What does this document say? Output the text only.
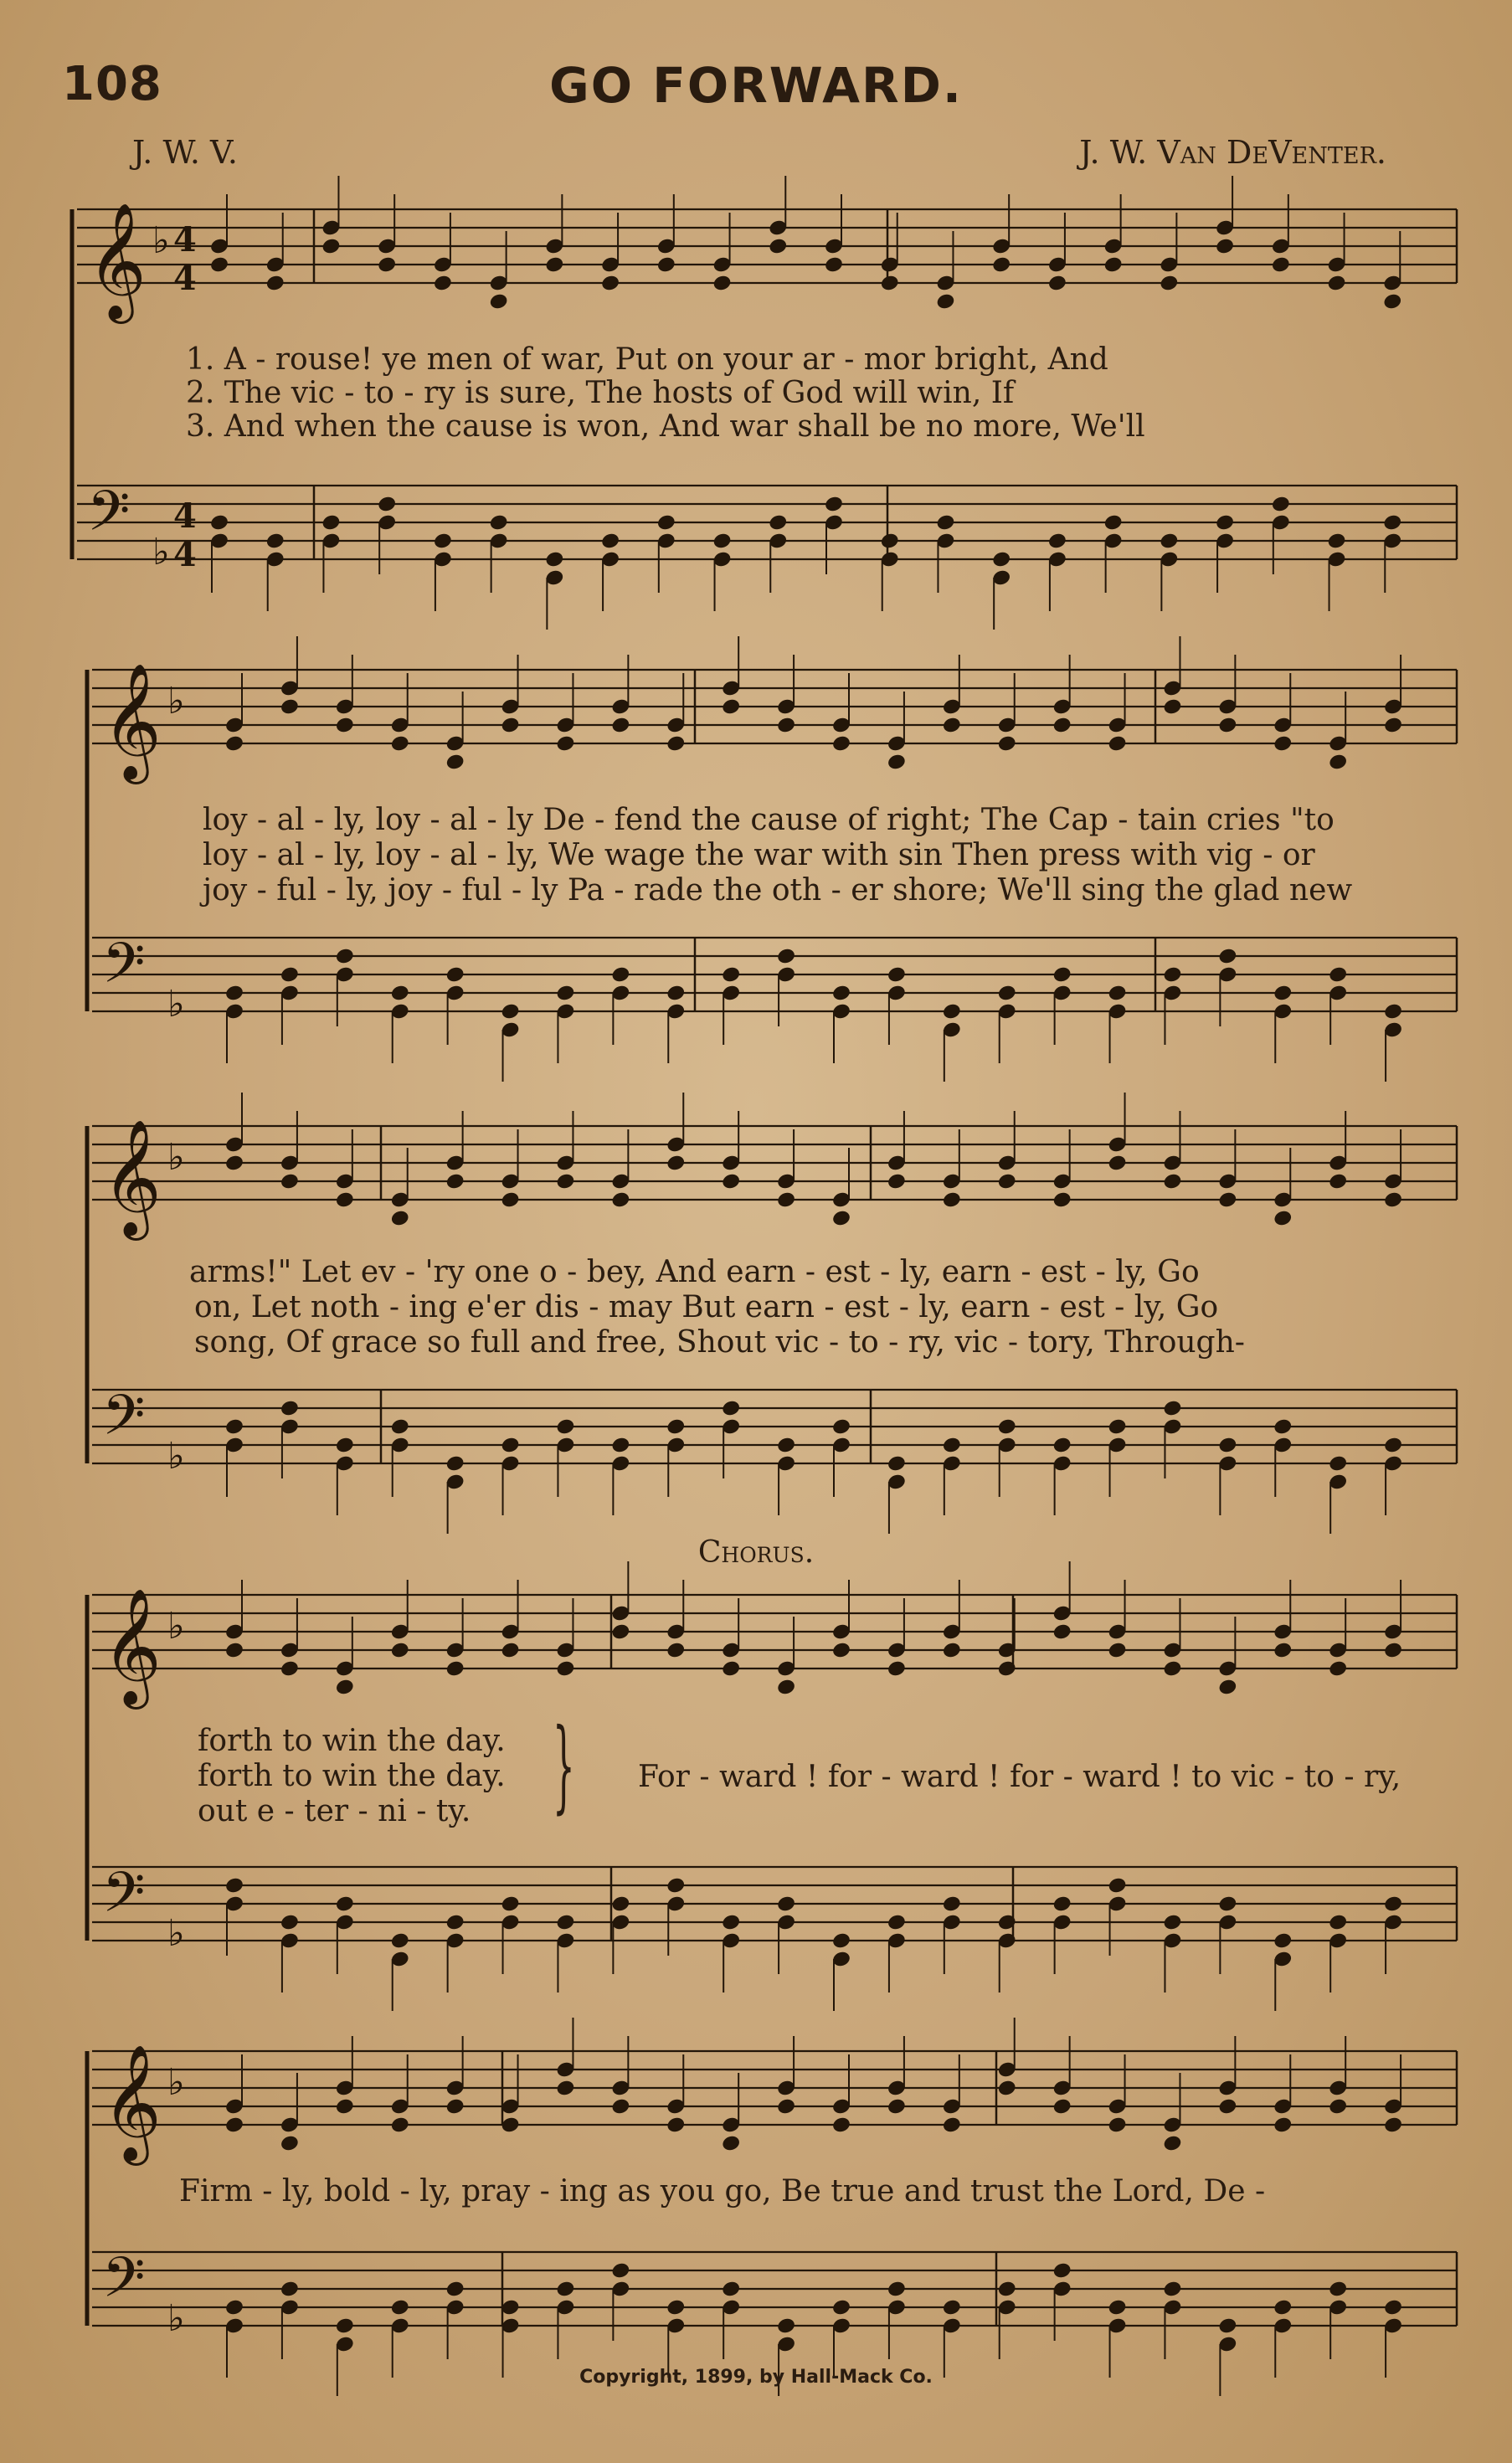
108	GO FORWARD.
J. W. V.	J. W. Van DeVenter.
𝄞 ♭
𝄢 ♭
4
4
4
4
𝄞 ♭
𝄢 ♭
𝄞 ♭
𝄢 ♭
𝄞 ♭
𝄢 ♭
𝄞 ♭
𝄢 ♭
1. A - rouse! ye men of war, Put on your ar - mor bright, And
2. The vic - to - ry is sure, The hosts of God will win, If
3. And when the cause is won, And war shall be no more, We'll
loy - al - ly, loy - al - ly De - fend the cause of right; The Cap - tain cries "to
loy - al - ly, loy - al - ly, We wage the war with sin Then press with vig - or
joy - ful - ly, joy - ful - ly Pa - rade the oth - er shore; We'll sing the glad new
arms!" Let ev - 'ry one o - bey, And earn - est - ly, earn - est - ly, Go
on, Let noth - ing e'er dis - may But earn - est - ly, earn - est - ly, Go
song, Of grace so full and free, Shout vic - to - ry, vic - tory, Through-
Chorus.
forth to win the day.
forth to win the day.
out e - ter - ni - ty. } For - ward ! for - ward ! for - ward ! to vic - to - ry,
Firm - ly, bold - ly, pray - ing as you go, Be true and trust the Lord, De -
Copyright, 1899, by Hall-Mack Co.
